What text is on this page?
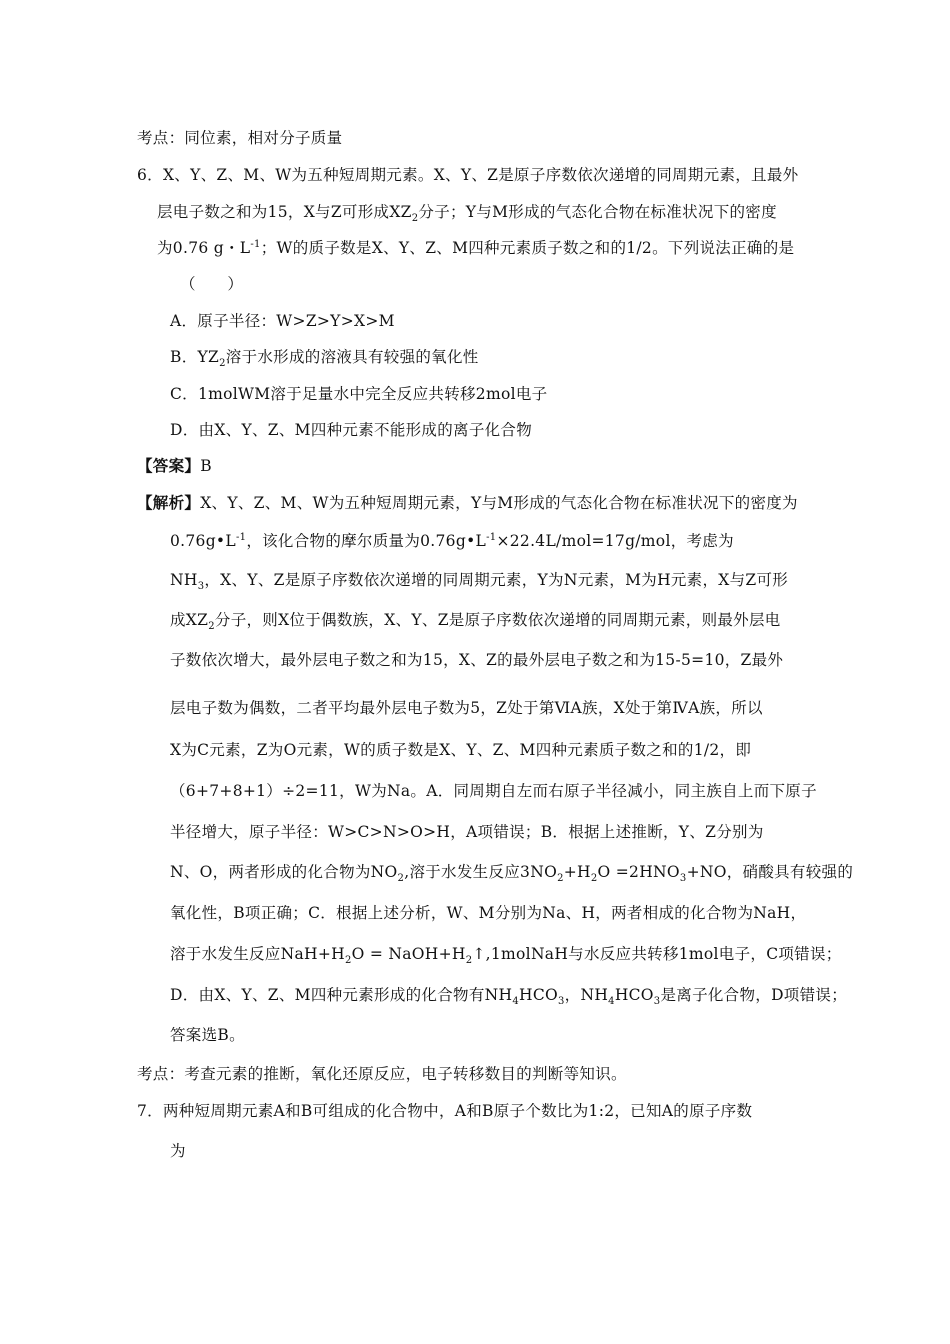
考点：同位素，相对分子质量
6．X、Y、Z、M、W为五种短周期元素。X、Y、Z是原子序数依次递增的同周期元素，且最外
层电子数之和为15，X与Z可形成$XZ_2$分子；Y与M形成的气态化合物在标准状况下的密度
为0.76 g・$L^{-1}$；W的质子数是X、Y、Z、M四种元素质子数之和的1/2。下列说法正确的是
（　　）
A．原子半径：W>Z>Y>X>M
B．$YZ_2$溶于水形成的溶液具有较强的氧化性
C．1molWM溶于足量水中完全反应共转移2mol电子
D．由X、Y、Z、M四种元素不能形成的离子化合物
【答案】B
【解析】X、Y、Z、M、W为五种短周期元素，Y与M形成的气态化合物在标准状况下的密度为
$0.76g•L^{-1}$，该化合物的摩尔质量为$0.76g•L^{-1}\times 22.4L/mol=17g$/mol，考虑为
$NH_3$，X、Y、Z是原子序数依次递增的同周期元素，Y为N元素，M为H元素，X与Z可形
成$XZ_2$分子，则X位于偶数族，X、Y、Z是原子序数依次递增的同周期元素，则最外层电
子数依次增大，最外层电子数之和为15，X、Z的最外层电子数之和为15-5=10，Z最外
层电子数为偶数，二者平均最外层电子数为5，Z处于第ⅥA族，X处于第ⅣA族，所以
X为C元素，Z为O元素，W的质子数是X、Y、Z、M四种元素质子数之和的1/2，即
（6+7+8+1）÷2=11，W为Na。A．同周期自左而右原子半径减小，同主族自上而下原子
半径增大，原子半径：W>C>N>O>H，A项错误；B．根据上述推断，Y、Z分别为
N、O，两者形成的化合物为$NO_2$,溶于水发生反应$3NO_2+H_2O =2HNO_3+NO$，硝酸具有较强的
氧化性，B项正确；C．根据上述分析，W、M分别为Na、H，两者相成的化合物为NaH，
溶于水发生反应$NaH+H_2O$ = $NaOH+H_2↑,1molNaH$与水反应共转移1mol电子，C项错误；
D．由X、Y、Z、M四种元素形成的化合物有$NH_4HCO_3$，$NH_4HCO_3$是离子化合物，D项错误；
答案选B。
考点：考查元素的推断，氧化还原反应，电子转移数目的判断等知识。
7．两种短周期元素A和B可组成的化合物中，A和B原子个数比为1:2，已知A的原子序数
为
